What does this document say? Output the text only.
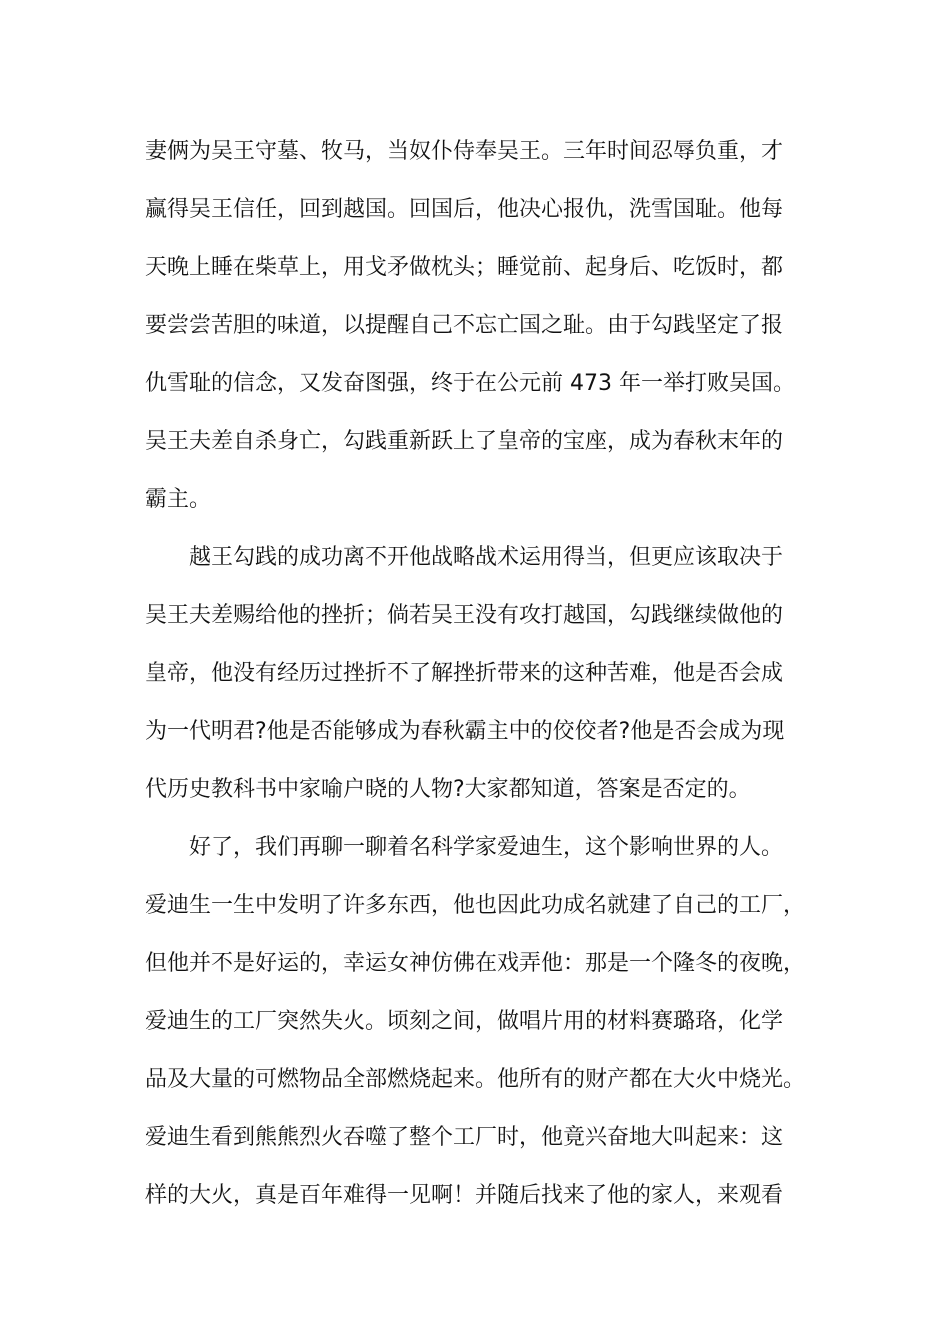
妻俩为吴王守墓、牧马，当奴仆侍奉吴王。三年时间忍辱负重，才
赢得吴王信任，回到越国。回国后，他决心报仇，洗雪国耻。他每
天晚上睡在柴草上，用戈矛做枕头；睡觉前、起身后、吃饭时，都
要尝尝苦胆的味道，以提醒自己不忘亡国之耻。由于勾践坚定了报
仇雪耻的信念，又发奋图强，终于在公元前 473 年一举打败吴国。
吴王夫差自杀身亡，勾践重新跃上了皇帝的宝座，成为春秋末年的
霸主。
越王勾践的成功离不开他战略战术运用得当，但更应该取决于
吴王夫差赐给他的挫折；倘若吴王没有攻打越国，勾践继续做他的
皇帝，他没有经历过挫折不了解挫折带来的这种苦难，他是否会成
为一代明君?他是否能够成为春秋霸主中的佼佼者?他是否会成为现
代历史教科书中家喻户晓的人物?大家都知道，答案是否定的。
好了，我们再聊一聊着名科学家爱迪生，这个影响世界的人。
爱迪生一生中发明了许多东西，他也因此功成名就建了自己的工厂，
但他并不是好运的，幸运女神仿佛在戏弄他：那是一个隆冬的夜晚，
爱迪生的工厂突然失火。顷刻之间，做唱片用的材料赛璐珞，化学
品及大量的可燃物品全部燃烧起来。他所有的财产都在大火中烧光。
爱迪生看到熊熊烈火吞噬了整个工厂时，他竟兴奋地大叫起来：这
样的大火，真是百年难得一见啊！并随后找来了他的家人，来观看
